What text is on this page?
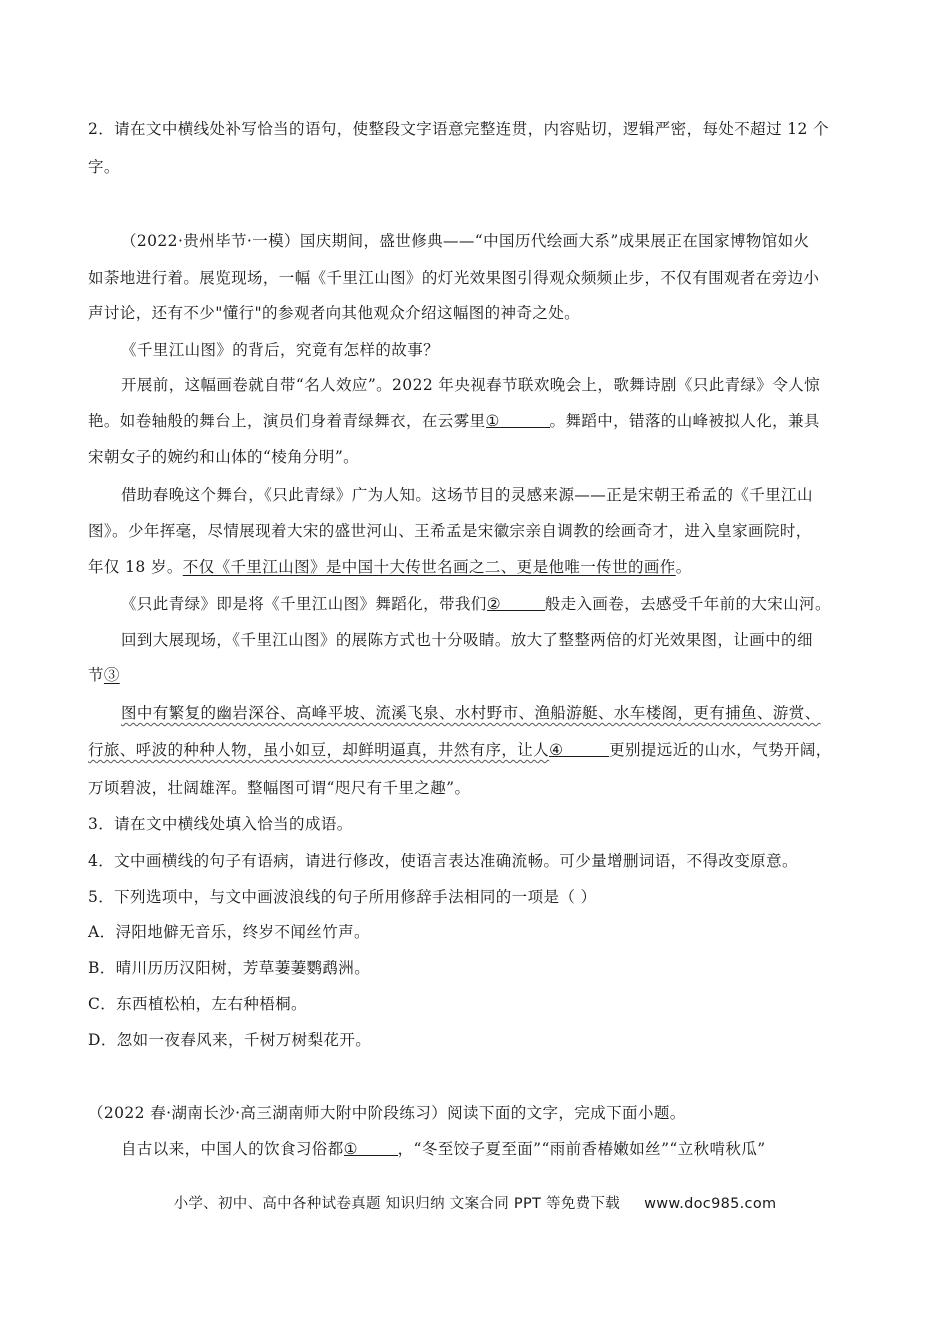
2．请在文中横线处补写恰当的语句，使整段文字语意完整连贯，内容贴切，逻辑严密，每处不超过 12 个
字。
（2022·贵州毕节·一模）国庆期间，盛世修典——“中国历代绘画大系”成果展正在国家博物馆如火
如荼地进行着。展览现场，一幅《千里江山图》的灯光效果图引得观众频频止步，不仅有围观者在旁边小
声讨论，还有不少"懂行"的参观者向其他观众介绍这幅图的神奇之处。
《千里江山图》的背后，究竟有怎样的故事？
开展前，这幅画卷就自带“名人效应”。2022 年央视春节联欢晚会上，歌舞诗剧《只此青绿》令人惊
艳。如卷轴般的舞台上，演员们身着青绿舞衣，在云雾里①	。舞蹈中，错落的山峰被拟人化，兼具
宋朝女子的婉约和山体的“棱角分明”。
借助春晚这个舞台，《只此青绿》广为人知。这场节目的灵感来源——正是宋朝王希孟的《千里江山
图》。少年挥毫，尽情展现着大宋的盛世河山、王希孟是宋徽宗亲自调教的绘画奇才，进入皇家画院时，
年仅 18 岁。不仅《千里江山图》是中国十大传世名画之二、更是他唯一传世的画作。
《只此青绿》即是将《千里江山图》舞蹈化，带我们②	般走入画卷，去感受千年前的大宋山河。
回到大展现场，《千里江山图》的展陈方式也十分吸睛。放大了整整两倍的灯光效果图，让画中的细
节③
图中有繁复的幽岩深谷、高峰平坡、流溪飞泉、水村野市、渔船游艇、水车楼阁，更有捕鱼、游赏、
行旅、呼波的种种人物，虽小如豆，却鲜明逼真，井然有序，让人④	更别提远近的山水，气势开阔，
万顷碧波，壮阔雄浑。整幅图可谓“咫尺有千里之趣”。
3．请在文中横线处填入恰当的成语。
4．文中画横线的句子有语病，请进行修改，使语言表达准确流畅。可少量增删词语，不得改变原意。
5．下列选项中，与文中画波浪线的句子所用修辞手法相同的一项是（ ）
A．浔阳地僻无音乐，终岁不闻丝竹声。
B．晴川历历汉阳树，芳草萋萋鹦鹉洲。
C．东西植松柏，左右种梧桐。
D．忽如一夜春风来，千树万树梨花开。
（2022 春·湖南长沙·高三湖南师大附中阶段练习）阅读下面的文字，完成下面小题。
自古以来，中国人的饮食习俗都①	，“冬至饺子夏至面”“雨前香椿嫩如丝”“立秋啃秋瓜”
小学、初中、高中各种试卷真题 知识归纳 文案合同 PPT 等免费下载 www.doc985.com
